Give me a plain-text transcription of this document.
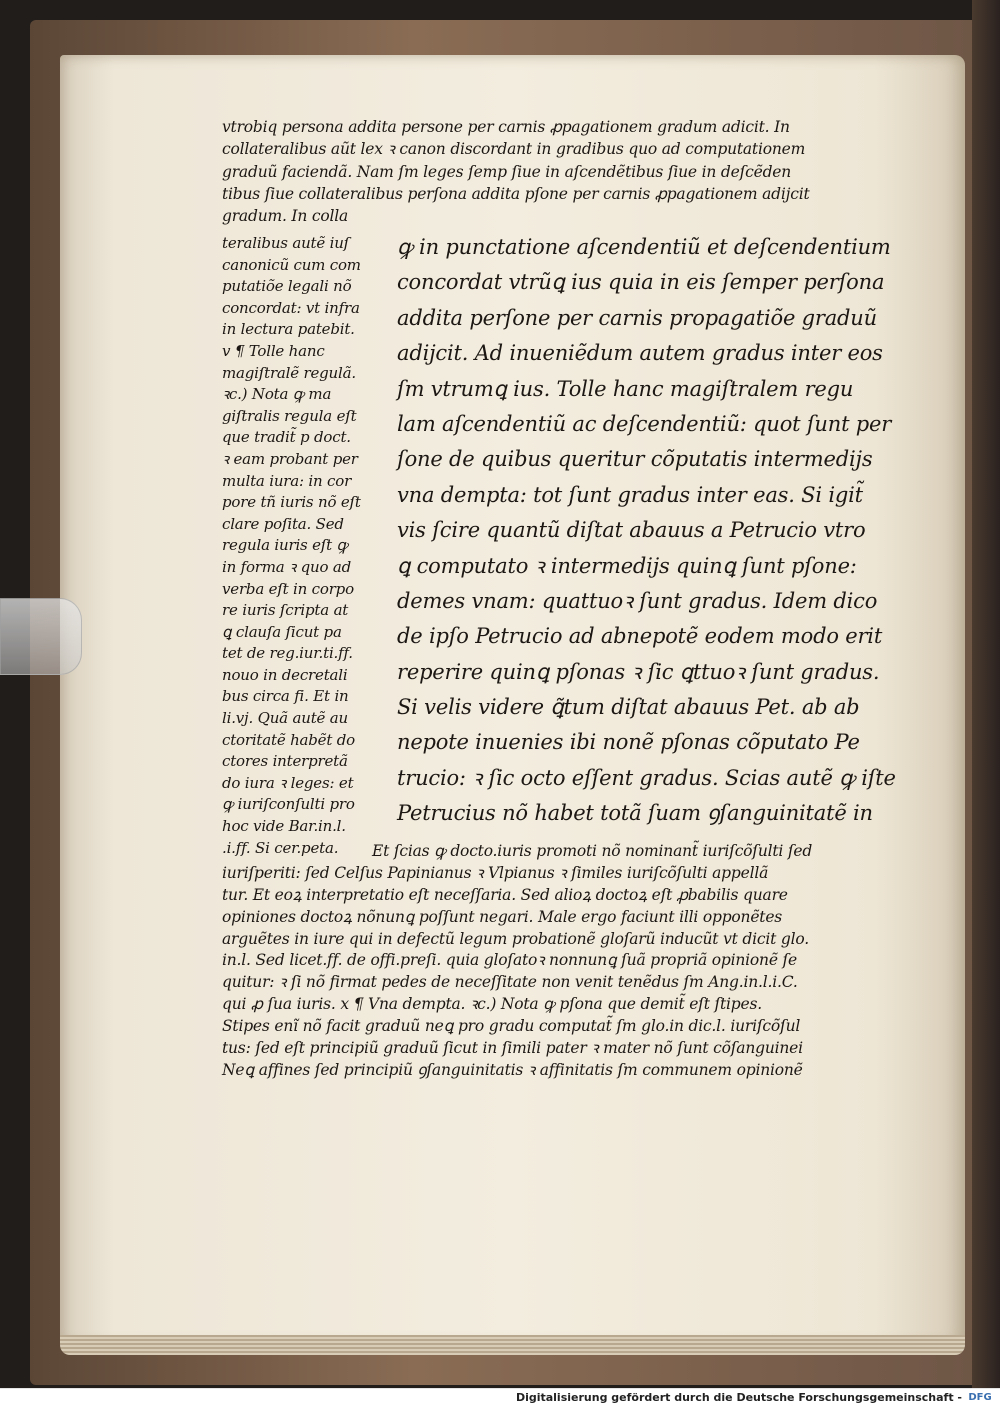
vtrobiq persona addita persone per carnis ꝓpagationem gradum adicit. In
collateralibus aũt lex ꝛ canon discordant in gradibus quo ad computationem
graduũ faciendã. Nam ſm leges ſemp ſiue in aſcendẽtibus ſiue in deſcẽden
tibus ſiue collateralibus perſona addita pſone per carnis ꝓpagationem adijcit
gradum. In colla
teralibus autẽ iuſ
canonicũ cum com
putatiõe legali nõ
concordat: vt infra
in lectura patebit.
v ¶ Tolle hanc
magiſtralẽ regulã.
ꝛc.) Nota ꝙ ma
giſtralis regula eſt
que tradit̃ p doct.
ꝛ eam probant per
multa iura: in cor
pore tñ iuris nõ eſt
clare poſita. Sed
regula iuris eſt ꝙ
in forma ꝛ quo ad
verba eſt in corpo
re iuris ſcripta at
ꝗ clauſa ſicut pa
tet de reg.iur.ti.ff.
nouo in decretali
bus circa fi. Et in
li.vj. Quã autẽ au
ctoritatẽ habẽt do
ctores interpretã
do iura ꝛ leges: et
ꝙ iuriſconſulti pro
hoc vide Bar.in.l.
.i.ff. Si cer.peta.
ꝙ in punctatione aſcendentiũ et deſcendentium
concordat vtrũꝗ ius quia in eis ſemper perſona
addita perſone per carnis propagatiõe graduũ
adijcit. Ad inueniẽdum autem gradus inter eos
ſm vtrumꝗ ius. Tolle hanc magiſtralem regu
lam aſcendentiũ ac deſcendentiũ: quot ſunt per
ſone de quibus queritur cõputatis intermedijs
vna dempta: tot ſunt gradus inter eas. Si igit̃
vis ſcire quantũ diſtat abauus a Petrucio vtro
ꝗ computato ꝛ intermedijs quinꝗ ſunt pſone:
demes vnam: quattuoꝛ ſunt gradus. Idem dico
de ipſo Petrucio ad abnepotẽ eodem modo erit
reperire quinꝗ pſonas ꝛ ſic ꝗttuoꝛ ſunt gradus.
Si velis videre ꝗ̃tum diſtat abauus Pet. ab ab
nepote inuenies ibi nonẽ pſonas cõputato Pe
trucio: ꝛ ſic octo eſſent gradus. Scias autẽ ꝙ iſte
Petrucius nõ habet totã ſuam ꝯſanguinitatẽ in
Et ſcias ꝙ docto.iuris promoti nõ nominant̃ iuriſcõſulti ſed
iuriſperiti: ſed Celſus Papinianus ꝛ Vlpianus ꝛ ſimiles iuriſcõſulti appellã
tur. Et eoꝝ interpretatio eſt neceſſaria. Sed alioꝝ doctoꝝ eſt ꝓbabilis quare
opiniones doctoꝝ nõnunꝗ poſſunt negari. Male ergo faciunt illi opponẽtes
arguẽtes in iure qui in defectũ legum probationẽ gloſarũ inducũt vt dicit glo.
in.l. Sed licet.ff. de offi.preſi. quia gloſatoꝛ nonnunꝗ ſuã propriã opinionẽ ſe
quitur: ꝛ ſi nõ firmat pedes de neceſſitate non venit tenẽdus ſm Ang.in.l.i.C.
qui ꝓ ſua iuris. x ¶ Vna dempta. ꝛc.) Nota ꝙ pſona que demit̃ eſt ſtipes.
Stipes enĩ nõ facit graduũ neꝗ pro gradu computat̃ ſm glo.in dic.l. iuriſcõſul
tus: ſed eſt principiũ graduũ ſicut in ſimili pater ꝛ mater nõ ſunt cõſanguinei
Neꝗ affines ſed principiũ ꝯſanguinitatis ꝛ affinitatis ſm communem opinionẽ
Digitalisierung gefördert durch die Deutsche Forschungsgemeinschaft - DFG
